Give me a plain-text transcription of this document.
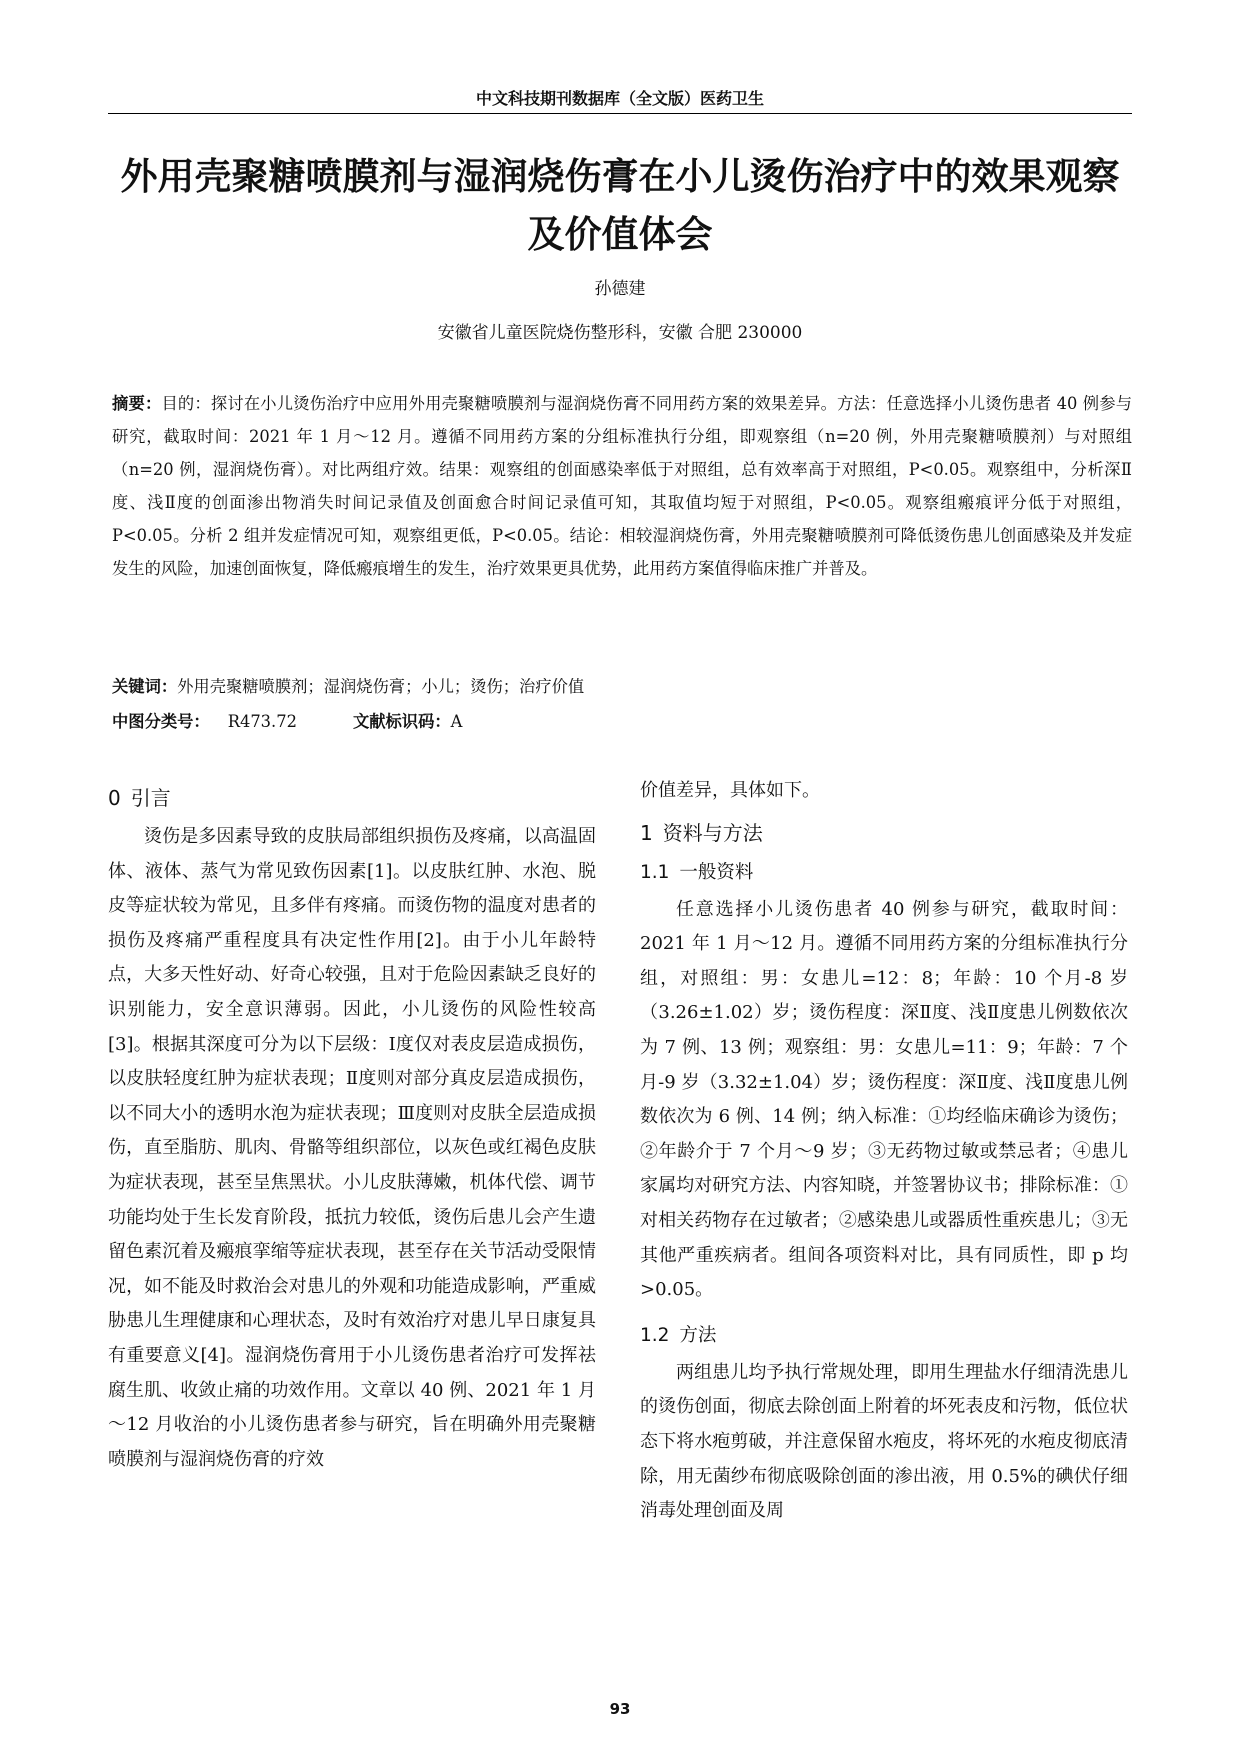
中文科技期刊数据库（全文版）医药卫生
外用壳聚糖喷膜剂与湿润烧伤膏在小儿烫伤治疗中的效果观察及价值体会
孙德建
安徽省儿童医院烧伤整形科，安徽 合肥 230000
摘要：目的：探讨在小儿烫伤治疗中应用外用壳聚糖喷膜剂与湿润烧伤膏不同用药方案的效果差异。方法：任意选择小儿烫伤患者 40 例参与研究，截取时间：2021 年 1 月～12 月。遵循不同用药方案的分组标准执行分组，即观察组（n=20 例，外用壳聚糖喷膜剂）与对照组（n=20 例，湿润烧伤膏）。对比两组疗效。结果：观察组的创面感染率低于对照组，总有效率高于对照组，P<0.05。观察组中，分析深Ⅱ度、浅Ⅱ度的创面渗出物消失时间记录值及创面愈合时间记录值可知，其取值均短于对照组，P<0.05。观察组瘢痕评分低于对照组，P<0.05。分析 2 组并发症情况可知，观察组更低，P<0.05。结论：相较湿润烧伤膏，外用壳聚糖喷膜剂可降低烫伤患儿创面感染及并发症发生的风险，加速创面恢复，降低瘢痕增生的发生，治疗效果更具优势，此用药方案值得临床推广并普及。
关键词：外用壳聚糖喷膜剂；湿润烧伤膏；小儿；烫伤；治疗价值
中图分类号： R473.72	文献标识码：A
0 引言

烫伤是多因素导致的皮肤局部组织损伤及疼痛，以高温固体、液体、蒸气为常见致伤因素[1]。以皮肤红肿、水泡、脱皮等症状较为常见，且多伴有疼痛。而烫伤物的温度对患者的损伤及疼痛严重程度具有决定性作用[2]。由于小儿年龄特点，大多天性好动、好奇心较强，且对于危险因素缺乏良好的识别能力，安全意识薄弱。因此，小儿烫伤的风险性较高[3]。根据其深度可分为以下层级：Ⅰ度仅对表皮层造成损伤，以皮肤轻度红肿为症状表现；Ⅱ度则对部分真皮层造成损伤，以不同大小的透明水泡为症状表现；Ⅲ度则对皮肤全层造成损伤，直至脂肪、肌肉、骨骼等组织部位，以灰色或红褐色皮肤为症状表现，甚至呈焦黑状。小儿皮肤薄嫩，机体代偿、调节功能均处于生长发育阶段，抵抗力较低，烫伤后患儿会产生遗留色素沉着及瘢痕挛缩等症状表现，甚至存在关节活动受限情况，如不能及时救治会对患儿的外观和功能造成影响，严重威胁患儿生理健康和心理状态，及时有效治疗对患儿早日康复具有重要意义[4]。湿润烧伤膏用于小儿烫伤患者治疗可发挥祛腐生肌、收敛止痛的功效作用。文章以 40 例、2021 年 1 月～12 月收治的小儿烫伤患者参与研究，旨在明确外用壳聚糖喷膜剂与湿润烧伤膏的疗效

价值差异，具体如下。

1 资料与方法
1.1 一般资料

任意选择小儿烫伤患者 40 例参与研究，截取时间：2021 年 1 月～12 月。遵循不同用药方案的分组标准执行分组，对照组：男：女患儿=12：8；年龄：10 个月-8 岁（3.26±1.02）岁；烫伤程度：深Ⅱ度、浅Ⅱ度患儿例数依次为 7 例、13 例；观察组：男：女患儿=11：9；年龄：7 个月-9 岁（3.32±1.04）岁；烫伤程度：深Ⅱ度、浅Ⅱ度患儿例数依次为 6 例、14 例；纳入标准：①均经临床确诊为烫伤；②年龄介于 7 个月～9 岁；③无药物过敏或禁忌者；④患儿家属均对研究方法、内容知晓，并签署协议书；排除标准：①对相关药物存在过敏者；②感染患儿或器质性重疾患儿；③无其他严重疾病者。组间各项资料对比，具有同质性，即 p 均>0.05。

1.2 方法

两组患儿均予执行常规处理，即用生理盐水仔细清洗患儿的烫伤创面，彻底去除创面上附着的坏死表皮和污物，低位状态下将水疱剪破，并注意保留水疱皮，将坏死的水疱皮彻底清除，用无菌纱布彻底吸除创面的渗出液，用 0.5%的碘伏仔细消毒处理创面及周

93
